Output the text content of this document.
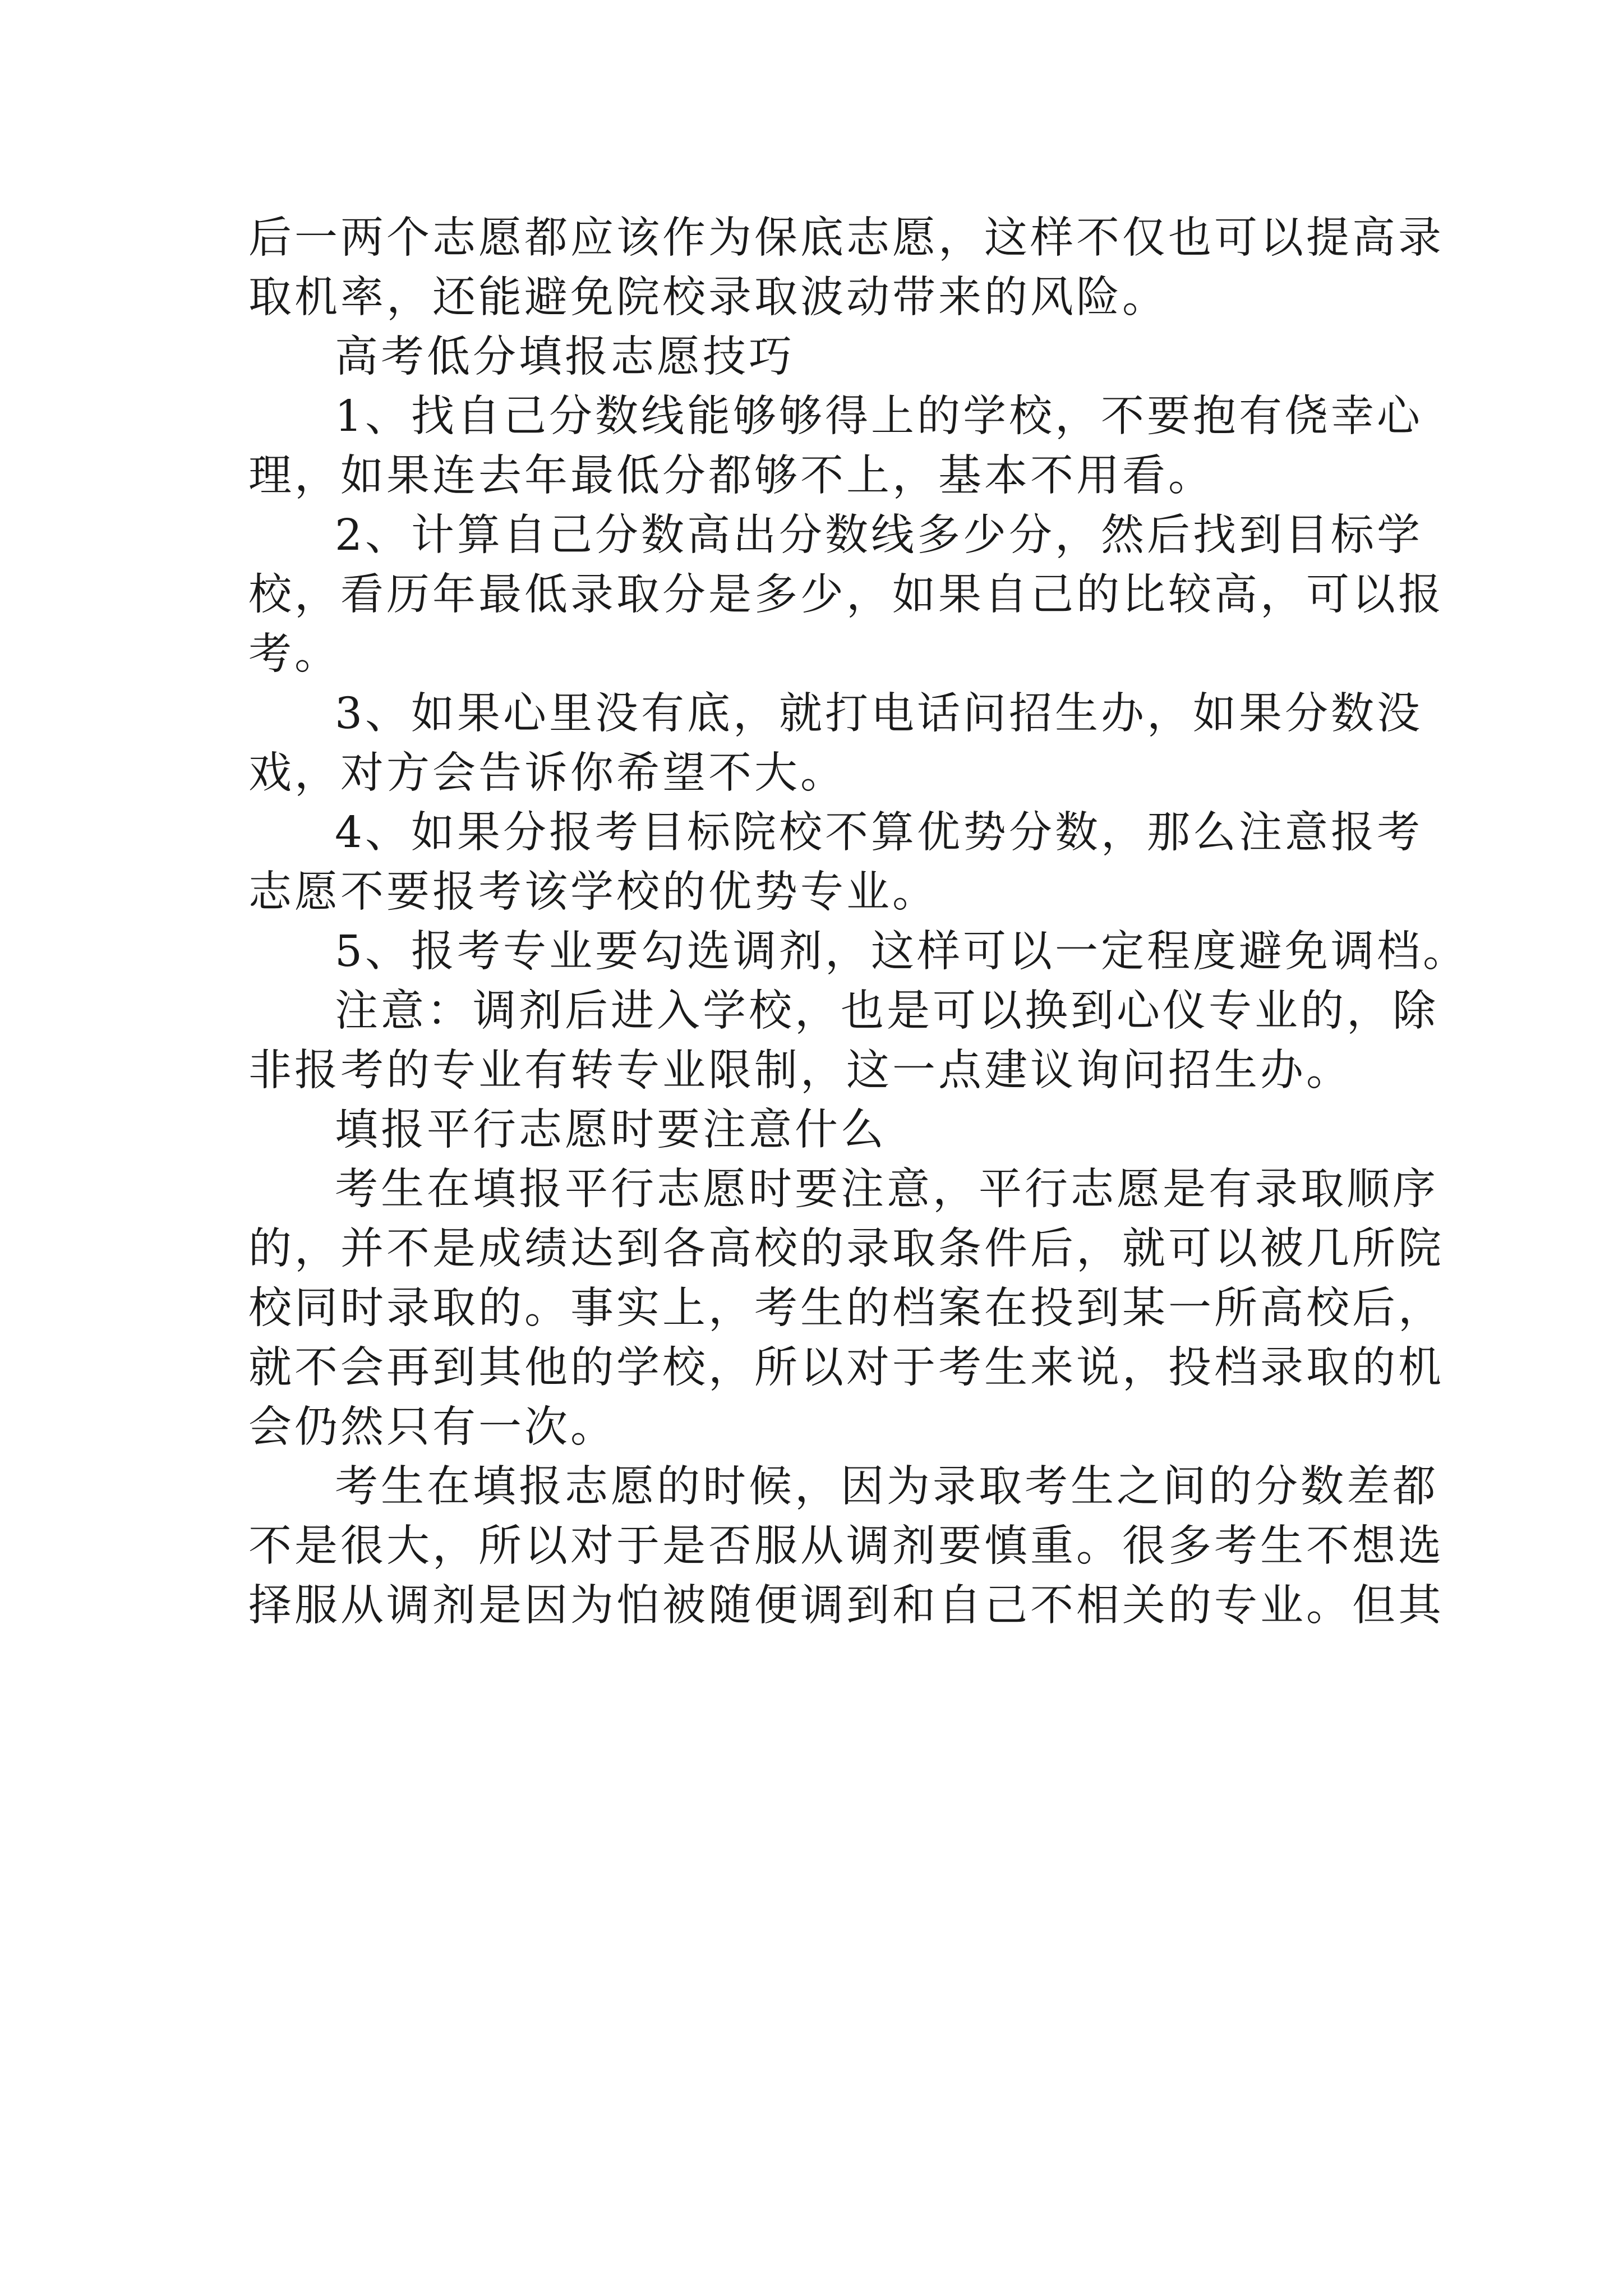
后一两个志愿都应该作为保底志愿，这样不仅也可以提高录
取机率，还能避免院校录取波动带来的风险。
高考低分填报志愿技巧
1、找自己分数线能够够得上的学校，不要抱有侥幸心
理，如果连去年最低分都够不上，基本不用看。
2、计算自己分数高出分数线多少分，然后找到目标学
校，看历年最低录取分是多少，如果自己的比较高，可以报
考。
3、如果心里没有底，就打电话问招生办，如果分数没
戏，对方会告诉你希望不大。
4、如果分报考目标院校不算优势分数，那么注意报考
志愿不要报考该学校的优势专业。
5、报考专业要勾选调剂，这样可以一定程度避免调档。
注意：调剂后进入学校，也是可以换到心仪专业的，除
非报考的专业有转专业限制，这一点建议询问招生办。
填报平行志愿时要注意什么
考生在填报平行志愿时要注意，平行志愿是有录取顺序
的，并不是成绩达到各高校的录取条件后，就可以被几所院
校同时录取的。事实上，考生的档案在投到某一所高校后，
就不会再到其他的学校，所以对于考生来说，投档录取的机
会仍然只有一次。
考生在填报志愿的时候，因为录取考生之间的分数差都
不是很大，所以对于是否服从调剂要慎重。很多考生不想选
择服从调剂是因为怕被随便调到和自己不相关的专业。但其
